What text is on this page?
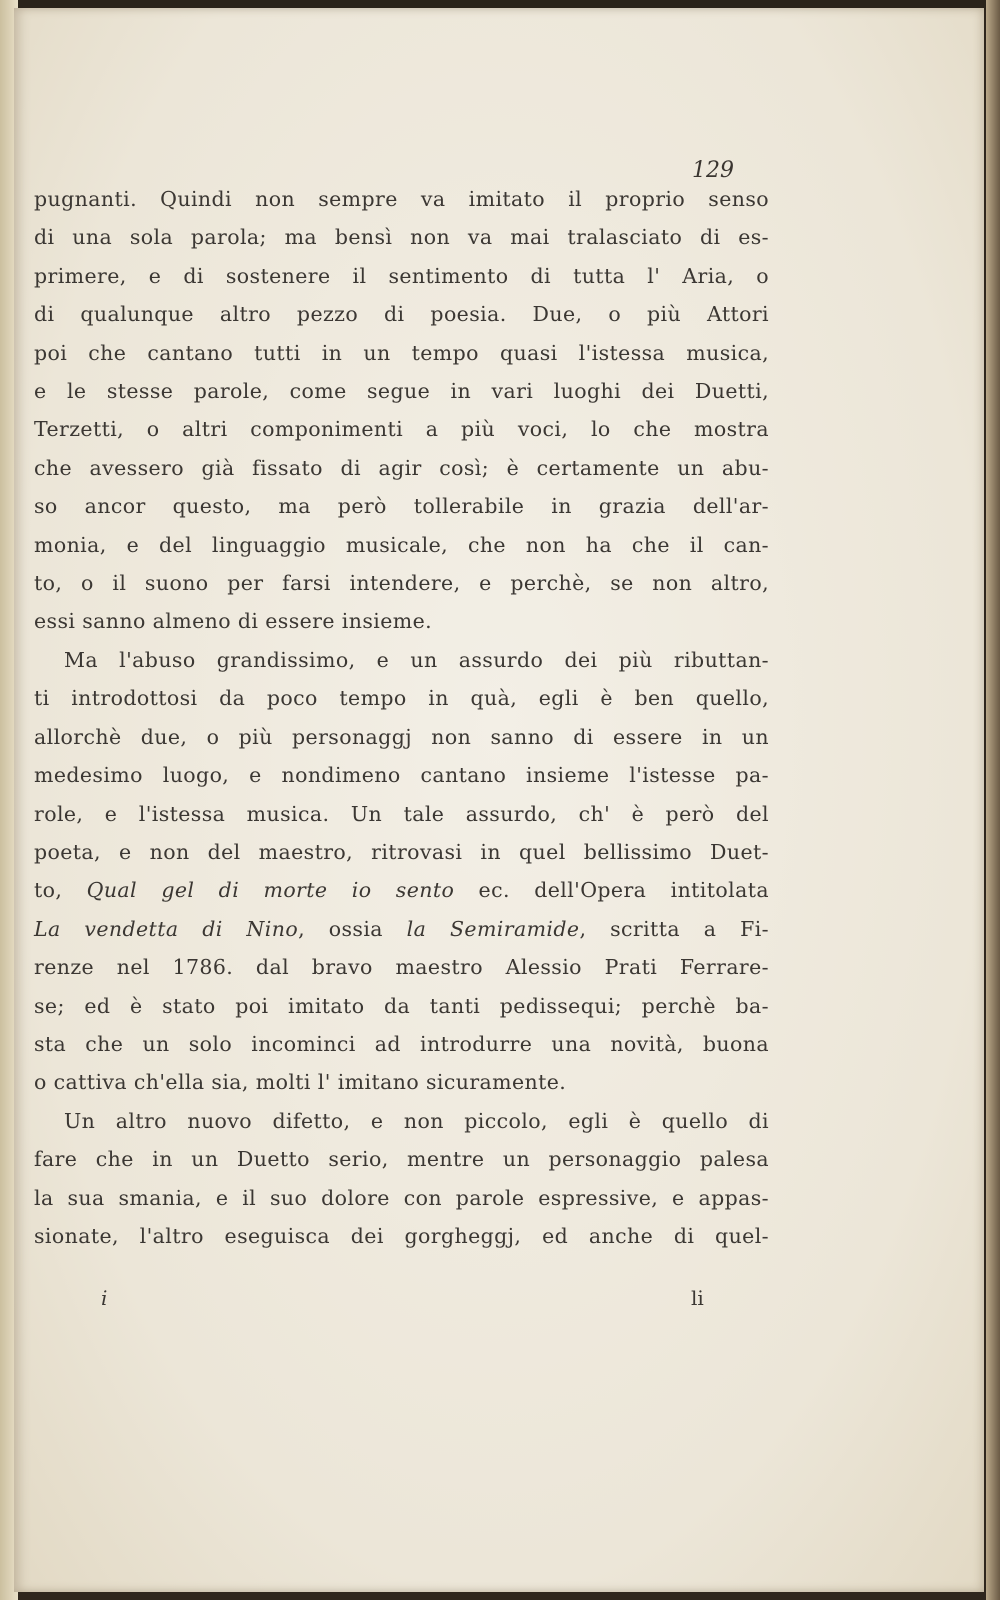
129

pugnanti. Quindi non sempre va imitato il proprio senso
di una sola parola; ma bensì non va mai tralasciato di es-
primere, e di sostenere il sentimento di tutta l' Aria, o
di qualunque altro pezzo di poesia. Due, o più Attori
poi che cantano tutti in un tempo quasi l'istessa musica,
e le stesse parole, come segue in vari luoghi dei Duetti,
Terzetti, o altri componimenti a più voci, lo che mostra
che avessero già fissato di agir così; è certamente un abu-
so ancor questo, ma però tollerabile in grazia dell'ar-
monia, e del linguaggio musicale, che non ha che il can-
to, o il suono per farsi intendere, e perchè, se non altro,
essi sanno almeno di essere insieme.
Ma l'abuso grandissimo, e un assurdo dei più ributtan-
ti introdottosi da poco tempo in quà, egli è ben quello,
allorchè due, o più personaggj non sanno di essere in un
medesimo luogo, e nondimeno cantano insieme l'istesse pa-
role, e l'istessa musica. Un tale assurdo, ch' è però del
poeta, e non del maestro, ritrovasi in quel bellissimo Duet-
to, Qual gel di morte io sento ec. dell'Opera intitolata
La vendetta di Nino, ossia la Semiramide, scritta a Fi-
renze nel 1786. dal bravo maestro Alessio Prati Ferrare-
se; ed è stato poi imitato da tanti pedissequi; perchè ba-
sta che un solo incominci ad introdurre una novità, buona
o cattiva ch'ella sia, molti l' imitano sicuramente.
Un altro nuovo difetto, e non piccolo, egli è quello di
fare che in un Duetto serio, mentre un personaggio palesa
la sua smania, e il suo dolore con parole espressive, e appas-
sionate, l'altro eseguisca dei gorgheggj, ed anche di quel-

i	li
